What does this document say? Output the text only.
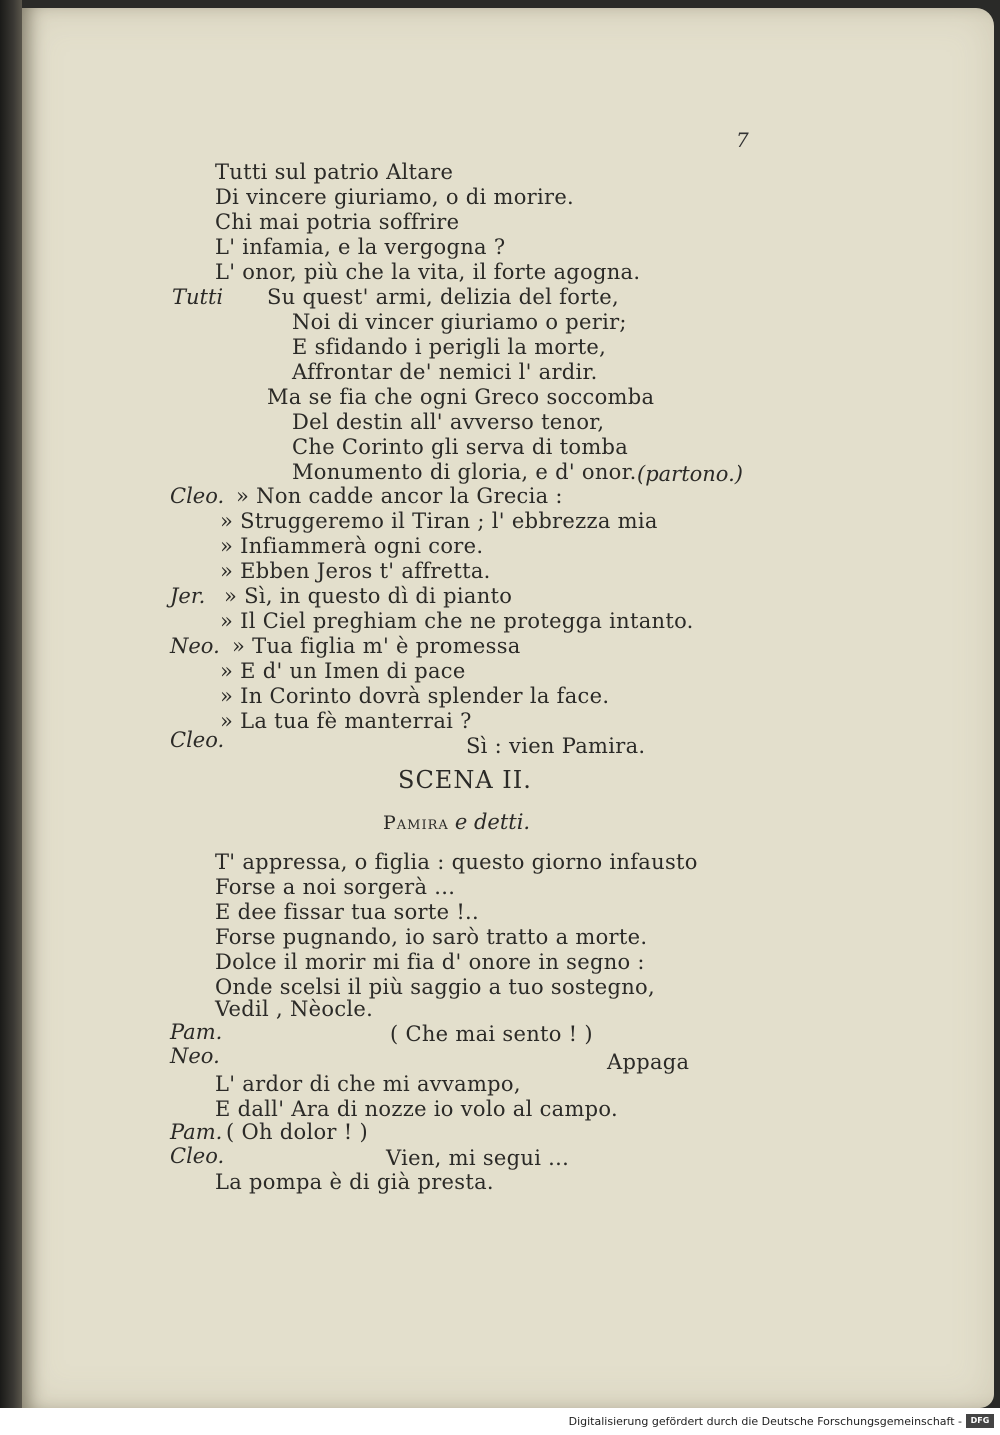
7

Tutti sul patrio Altare

Di vincere giuriamo, o di morire.

Chi mai potria soffrire

L' infamia, e la vergogna ?

L' onor, più che la vita, il forte agogna.

Tutti Su quest' armi, delizia del forte,

Noi di vincer giuriamo o perir;

E sfidando i perigli la morte,

Affrontar de' nemici l' ardir.

Ma se fia che ogni Greco soccomba

Del destin all' avverso tenor,

Che Corinto gli serva di tomba

Monumento di gloria, e d' onor. (partono.)
Cleo. » Non cadde ancor la Grecia :

» Struggeremo il Tiran ; l' ebbrezza mia

» Infiammerà ogni core.

» Ebben Jeros t' affretta.

Jer. » Sì, in questo dì di pianto

» Il Ciel preghiam che ne protegga intanto.

Neo. » Tua figlia m' è promessa

» E d' un Imen di pace

» In Corinto dovrà splender la face.

» La tua fè manterrai ?

Cleo.	Sì : vien Pamira.

SCENA II.
Pamira e detti.

T' appressa, o figlia : questo giorno infausto

Forse a noi sorgerà ...

E dee fissar tua sorte !..

Forse pugnando, io sarò tratto a morte.

Dolce il morir mi fia d' onore in segno :

Onde scelsi il più saggio a tuo sostegno,

Vedil , Nèocle.

Pam.	( Che mai sento ! )

Neo.	Appaga

L' ardor di che mi avvampo,

E dall' Ara di nozze io volo al campo.

Pam. ( Oh dolor ! )

Cleo.	Vien, mi segui ...

La pompa è di già presta.

Digitalisierung gefördert durch die Deutsche Forschungsgemeinschaft -	DFG
